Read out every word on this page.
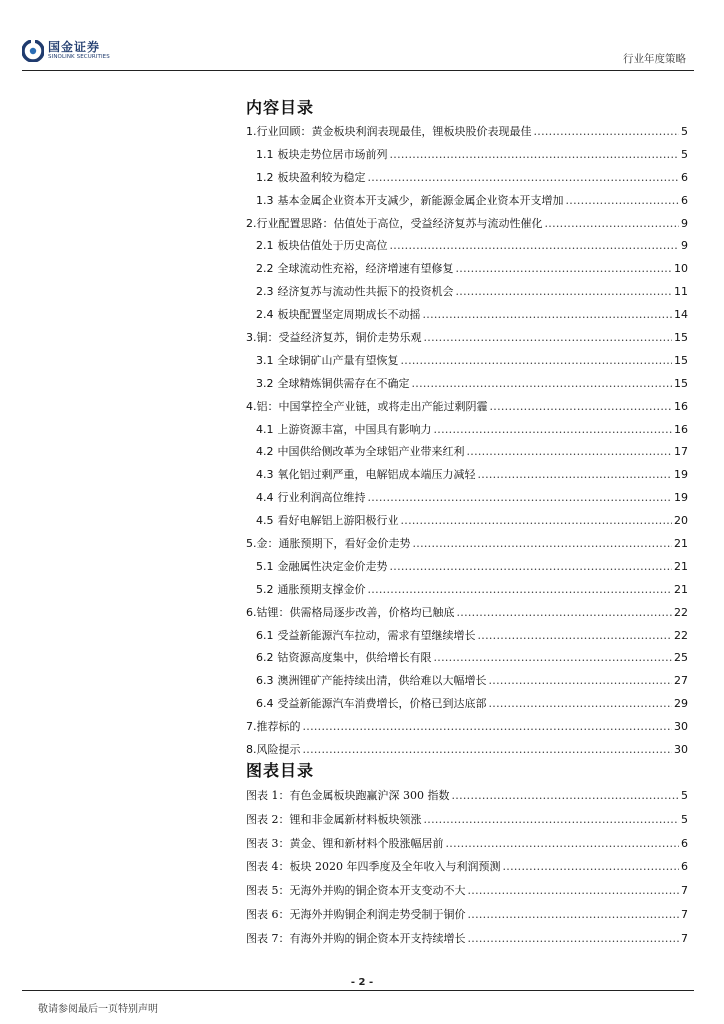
国金证券
SINOLINK SECURITIES	行业年度策略
内容目录
1. 行业回顾：黄金板块利润表现最佳，锂板块股价表现最佳 .....	5
1.1 板块走势位居市场前列 .....	5
1.2 板块盈利较为稳定 .....	6
1.3 基本金属企业资本开支减少，新能源金属企业资本开支增加 .....	6
2. 行业配置思路：估值处于高位，受益经济复苏与流动性催化 .....	9
2.1 板块估值处于历史高位 .....	9
2.2 全球流动性充裕，经济增速有望修复 .....	10
2.3 经济复苏与流动性共振下的投资机会 .....	11
2.4 板块配置坚定周期成长不动摇 .....	14
3. 铜：受益经济复苏，铜价走势乐观 .....	15
3.1 全球铜矿山产量有望恢复 .....	15
3.2 全球精炼铜供需存在不确定 .....	15
4. 铝：中国掌控全产业链，或将走出产能过剩阴霾 .....	16
4.1 上游资源丰富，中国具有影响力 .....	16
4.2 中国供给侧改革为全球铝产业带来红利 .....	17
4.3 氧化铝过剩严重，电解铝成本端压力减轻 .....	19
4.4 行业利润高位维持 .....	19
4.5 看好电解铝上游阳极行业 .....	20
5. 金：通胀预期下，看好金价走势 .....	21
5.1 金融属性决定金价走势 .....	21
5.2 通胀预期支撑金价 .....	21
6. 钴锂：供需格局逐步改善，价格均已触底 .....	22
6.1 受益新能源汽车拉动，需求有望继续增长 .....	22
6.2 钴资源高度集中，供给增长有限 .....	25
6.3 澳洲锂矿产能持续出清，供给难以大幅增长 .....	27
6.4 受益新能源汽车消费增长，价格已到达底部 .....	29
7. 推荐标的 .....	30
8. 风险提示 .....	30
图表目录
图表 1： 有色金属板块跑赢沪深 300 指数 .....	5
图表 2： 锂和非金属新材料板块领涨 .....	5
图表 3： 黄金、锂和新材料个股涨幅居前 .....	6
图表 4： 板块 2020 年四季度及全年收入与利润预测 .....	6
图表 5： 无海外并购的铜企资本开支变动不大 .....	7
图表 6： 无海外并购铜企利润走势受制于铜价 .....	7
图表 7： 有海外并购的铜企资本开支持续增长 .....	7
- 2 -
敬请参阅最后一页特别声明
